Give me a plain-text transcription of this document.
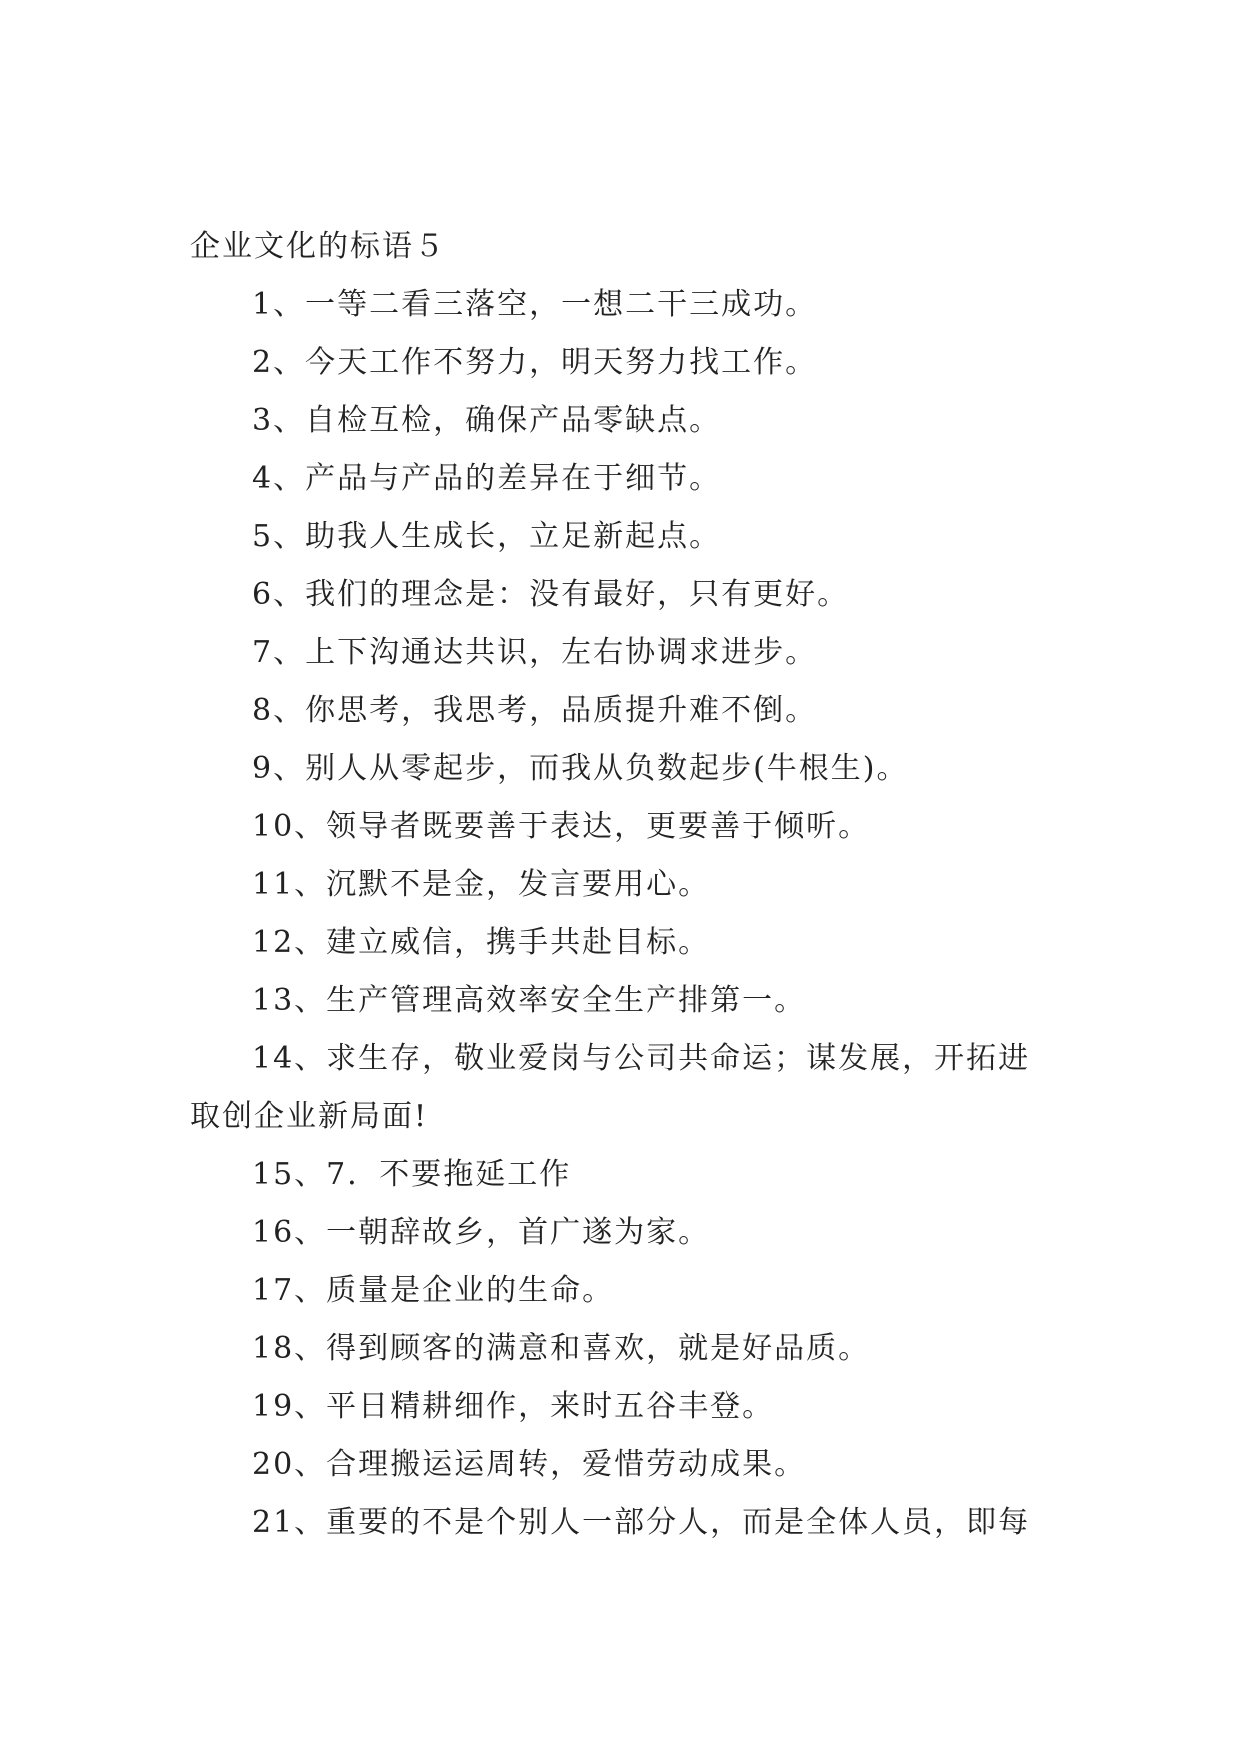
企业文化的标语５

1、一等二看三落空，一想二干三成功。

2、今天工作不努力，明天努力找工作。

3、自检互检，确保产品零缺点。

4、产品与产品的差异在于细节。

5、助我人生成长，立足新起点。

6、我们的理念是：没有最好，只有更好。

7、上下沟通达共识，左右协调求进步。

8、你思考，我思考，品质提升难不倒。

9、别人从零起步，而我从负数起步(牛根生)。

10、领导者既要善于表达，更要善于倾听。

11、沉默不是金，发言要用心。

12、建立威信，携手共赴目标。

13、生产管理高效率安全生产排第一。

14、求生存，敬业爱岗与公司共命运；谋发展，开拓进取创企业新局面!

15、7．不要拖延工作

16、一朝辞故乡，首广遂为家。

17、质量是企业的生命。

18、得到顾客的满意和喜欢，就是好品质。

19、平日精耕细作，来时五谷丰登。

20、合理搬运运周转，爱惜劳动成果。

21、重要的不是个别人一部分人，而是全体人员，即每
